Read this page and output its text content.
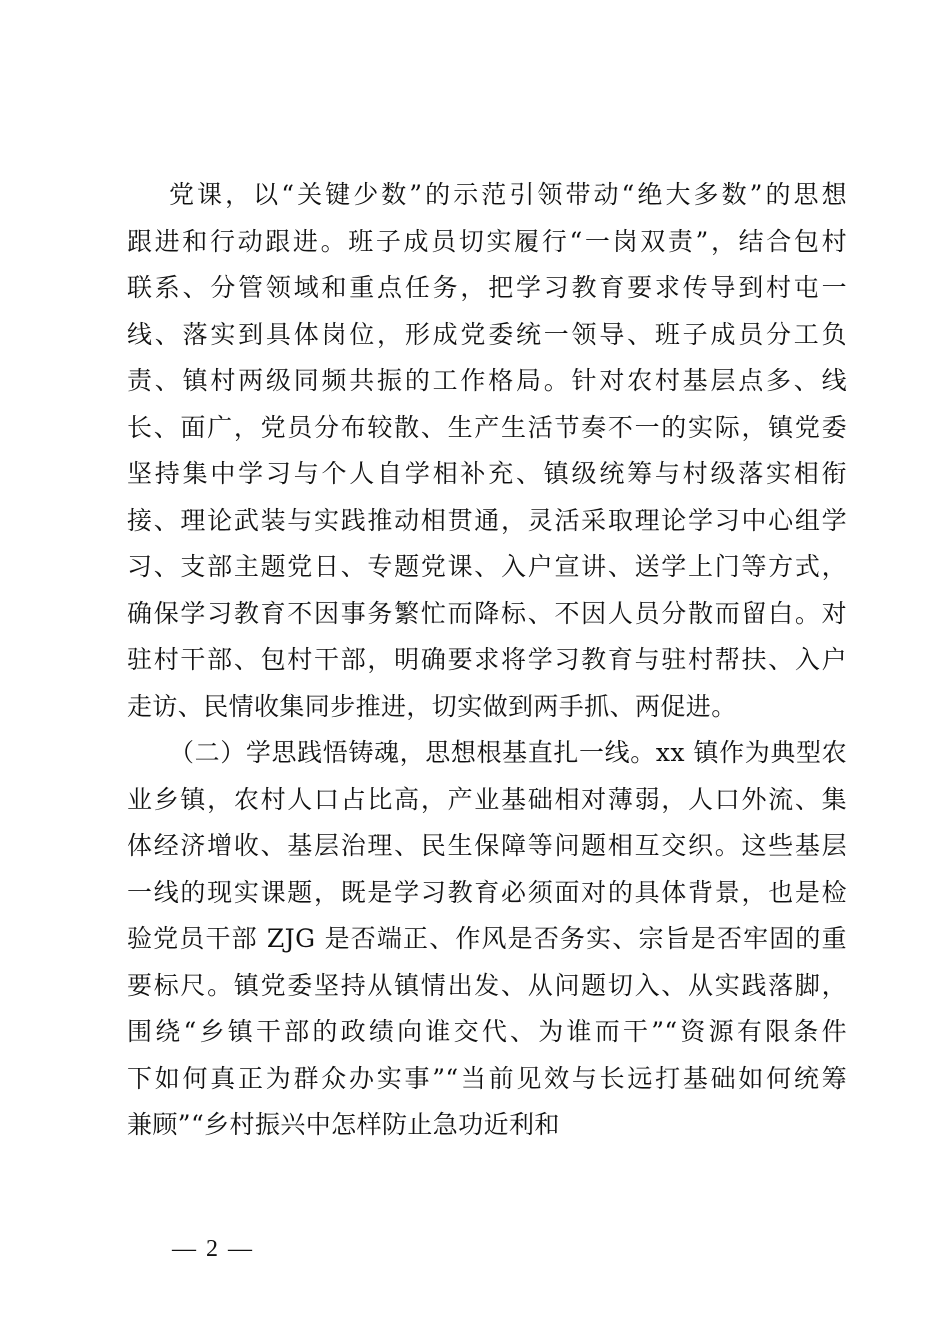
党课，以“关键少数”的示范引领带动“绝大多数”的思想
跟进和行动跟进。班子成员切实履行“一岗双责”，结合包村
联系、分管领域和重点任务，把学习教育要求传导到村屯一
线、落实到具体岗位，形成党委统一领导、班子成员分工负
责、镇村两级同频共振的工作格局。针对农村基层点多、线
长、面广，党员分布较散、生产生活节奏不一的实际，镇党委
坚持集中学习与个人自学相补充、镇级统筹与村级落实相衔
接、理论武装与实践推动相贯通，灵活采取理论学习中心组学
习、支部主题党日、专题党课、入户宣讲、送学上门等方式，
确保学习教育不因事务繁忙而降标、不因人员分散而留白。对
驻村干部、包村干部，明确要求将学习教育与驻村帮扶、入户
走访、民情收集同步推进，切实做到两手抓、两促进。
（二）学思践悟铸魂，思想根基直扎一线。xx 镇作为典型农
业乡镇，农村人口占比高，产业基础相对薄弱，人口外流、集
体经济增收、基层治理、民生保障等问题相互交织。这些基层
一线的现实课题，既是学习教育必须面对的具体背景，也是检
验党员干部 ZJG 是否端正、作风是否务实、宗旨是否牢固的重
要标尺。镇党委坚持从镇情出发、从问题切入、从实践落脚，
围绕“乡镇干部的政绩向谁交代、为谁而干”“资源有限条件
下如何真正为群众办实事”“当前见效与长远打基础如何统筹
兼顾”“乡村振兴中怎样防止急功近利和
— 2 —
